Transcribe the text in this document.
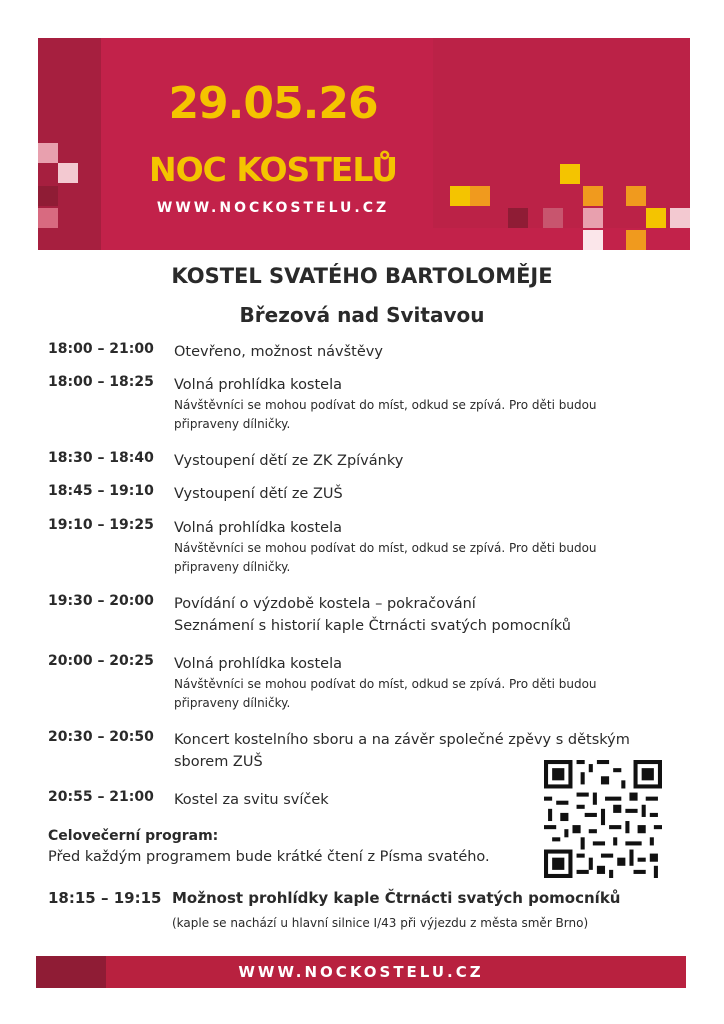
29.05.26
NOC KOSTELŮ
WWW.NOCKOSTELU.CZ
KOSTEL SVATÉHO BARTOLOMĚJE
Březová nad Svitavou
18:00 – 21:00	Otevřeno, možnost návštěvy
18:00 – 18:25	Volná prohlídka kostela
Návštěvníci se mohou podívat do míst, odkud se zpívá. Pro děti budou připraveny dílničky.
18:30 – 18:40	Vystoupení dětí ze ZK Zpívánky
18:45 – 19:10	Vystoupení dětí ze ZUŠ
19:10 – 19:25	Volná prohlídka kostela
Návštěvníci se mohou podívat do míst, odkud se zpívá. Pro děti budou připraveny dílničky.
19:30 – 20:00	Povídání o výzdobě kostela – pokračování
Seznámení s historií kaple Čtrnácti svatých pomocníků
20:00 – 20:25	Volná prohlídka kostela
Návštěvníci se mohou podívat do míst, odkud se zpívá. Pro děti budou připraveny dílničky.
20:30 – 20:50	Koncert kostelního sboru a na závěr společné zpěvy s dětským sborem ZUŠ
20:55 – 21:00	Kostel za svitu svíček
Celovečerní program:
Před každým programem bude krátké čtení z Písma svatého.
18:15 – 19:15 Možnost prohlídky kaple Čtrnácti svatých pomocníků
(kaple se nachází u hlavní silnice I/43 při výjezdu z města směr Brno)
WWW.NOCKOSTELU.CZ
